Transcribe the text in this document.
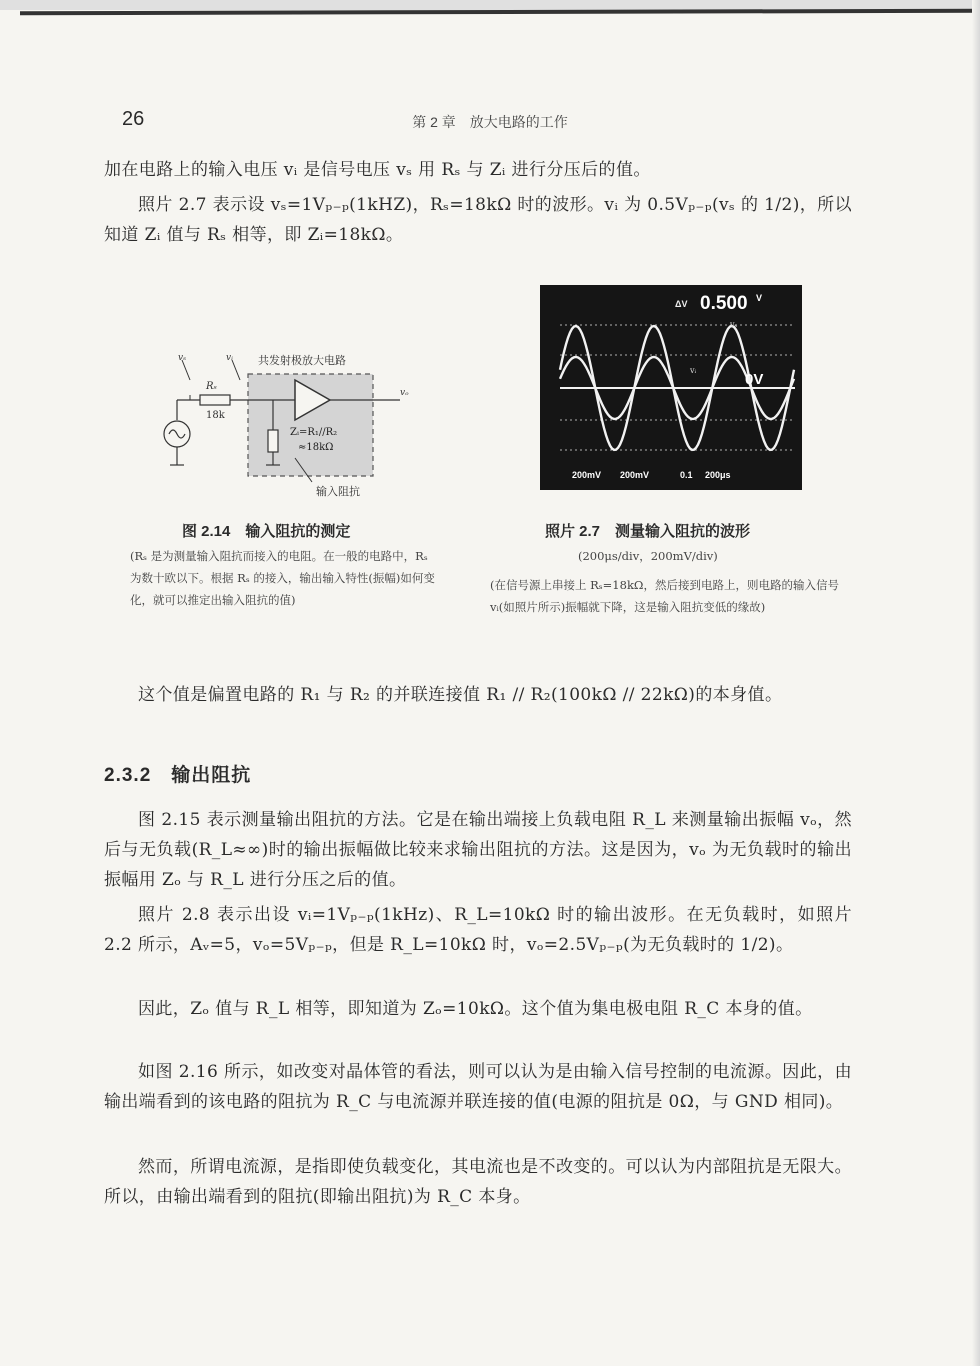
26	第 2 章　放大电路的工作

加在电路上的输入电压 vᵢ 是信号电压 vₛ 用 Rₛ 与 Zᵢ 进行分压后的值。

照片 2.7 表示设 vₛ=1Vₚ₋ₚ(1kHZ)，Rₛ=18kΩ 时的波形。vᵢ 为 0.5Vₚ₋ₚ(vₛ 的 1/2)，所以知道 Zᵢ 值与 Rₛ 相等，即 Zᵢ=18kΩ。

共发射极放大电路
vₛ	vᵢ
vₒ
Rₛ
18k
Zᵢ=R₁//R₂
≈18kΩ
输入阻抗
图 2.14　输入阻抗的测定

(Rₛ 是为测量输入阻抗而接入的电阻。在一般的电路中，Rₛ 为数十欧以下。根据 Rₛ 的接入，输出输入特性(振幅)如何变化，就可以推定出输入阻抗的值)

ΔV 0.500 V
0V
vₛ
vᵢ
200mV 200mV	0.1 200μs
照片 2.7　测量输入阻抗的波形
(200μs/div，200mV/div)

(在信号源上串接上 Rₛ=18kΩ，然后接到电路上，则电路的输入信号 vᵢ(如照片所示)振幅就下降，这是输入阻抗变低的缘故)

这个值是偏置电路的 R₁ 与 R₂ 的并联连接值 R₁ // R₂(100kΩ // 22kΩ)的本身值。

2.3.2　输出阻抗

图 2.15 表示测量输出阻抗的方法。它是在输出端接上负载电阻 R_L 来测量输出振幅 vₒ，然后与无负载(R_L≈∞)时的输出振幅做比较来求输出阻抗的方法。这是因为，vₒ 为无负载时的输出振幅用 Zₒ 与 R_L 进行分压之后的值。

照片 2.8 表示出设 vᵢ=1Vₚ₋ₚ(1kHz)、R_L=10kΩ 时的输出波形。在无负载时，如照片 2.2 所示，Aᵥ=5，vₒ=5Vₚ₋ₚ，但是 R_L=10kΩ 时，vₒ=2.5Vₚ₋ₚ(为无负载时的 1/2)。

因此，Zₒ 值与 R_L 相等，即知道为 Zₒ=10kΩ。这个值为集电极电阻 R_C 本身的值。

如图 2.16 所示，如改变对晶体管的看法，则可以认为是由输入信号控制的电流源。因此，由输出端看到的该电路的阻抗为 R_C 与电流源并联连接的值(电源的阻抗是 0Ω，与 GND 相同)。

然而，所谓电流源，是指即使负载变化，其电流也是不改变的。可以认为内部阻抗是无限大。所以，由输出端看到的阻抗(即输出阻抗)为 R_C 本身。
